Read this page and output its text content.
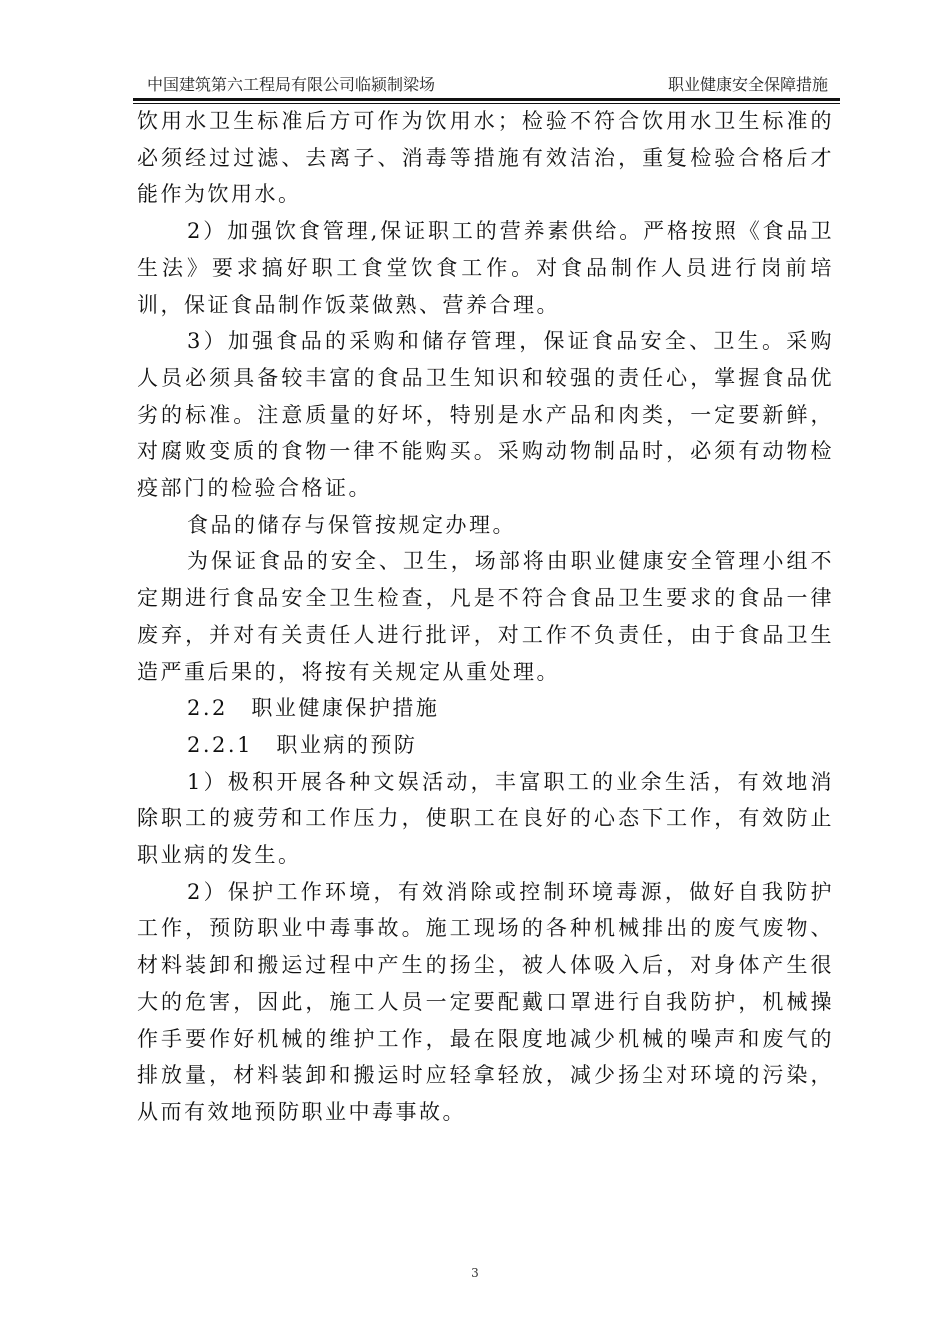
中国建筑第六工程局有限公司临颍制梁场	职业健康安全保障措施

饮用水卫生标准后方可作为饮用水；检验不符合饮用水卫生标准的必须经过过滤、去离子、消毒等措施有效洁治，重复检验合格后才能作为饮用水。

2）加强饮食管理,保证职工的营养素供给。严格按照《食品卫生法》要求搞好职工食堂饮食工作。对食品制作人员进行岗前培训，保证食品制作饭菜做熟、营养合理。

3）加强食品的采购和储存管理，保证食品安全、卫生。采购人员必须具备较丰富的食品卫生知识和较强的责任心，掌握食品优劣的标准。注意质量的好坏，特别是水产品和肉类，一定要新鲜，对腐败变质的食物一律不能购买。采购动物制品时，必须有动物检疫部门的检验合格证。

食品的储存与保管按规定办理。

为保证食品的安全、卫生，场部将由职业健康安全管理小组不定期进行食品安全卫生检查，凡是不符合食品卫生要求的食品一律废弃，并对有关责任人进行批评，对工作不负责任，由于食品卫生造严重后果的，将按有关规定从重处理。

2.2　职业健康保护措施

2.2.1　职业病的预防

1）极积开展各种文娱活动，丰富职工的业余生活，有效地消除职工的疲劳和工作压力，使职工在良好的心态下工作，有效防止职业病的发生。

2）保护工作环境，有效消除或控制环境毒源，做好自我防护工作，预防职业中毒事故。施工现场的各种机械排出的废气废物、材料装卸和搬运过程中产生的扬尘，被人体吸入后，对身体产生很大的危害，因此，施工人员一定要配戴口罩进行自我防护，机械操作手要作好机械的维护工作，最在限度地减少机械的噪声和废气的排放量，材料装卸和搬运时应轻拿轻放，减少扬尘对环境的污染，从而有效地预防职业中毒事故。

3
